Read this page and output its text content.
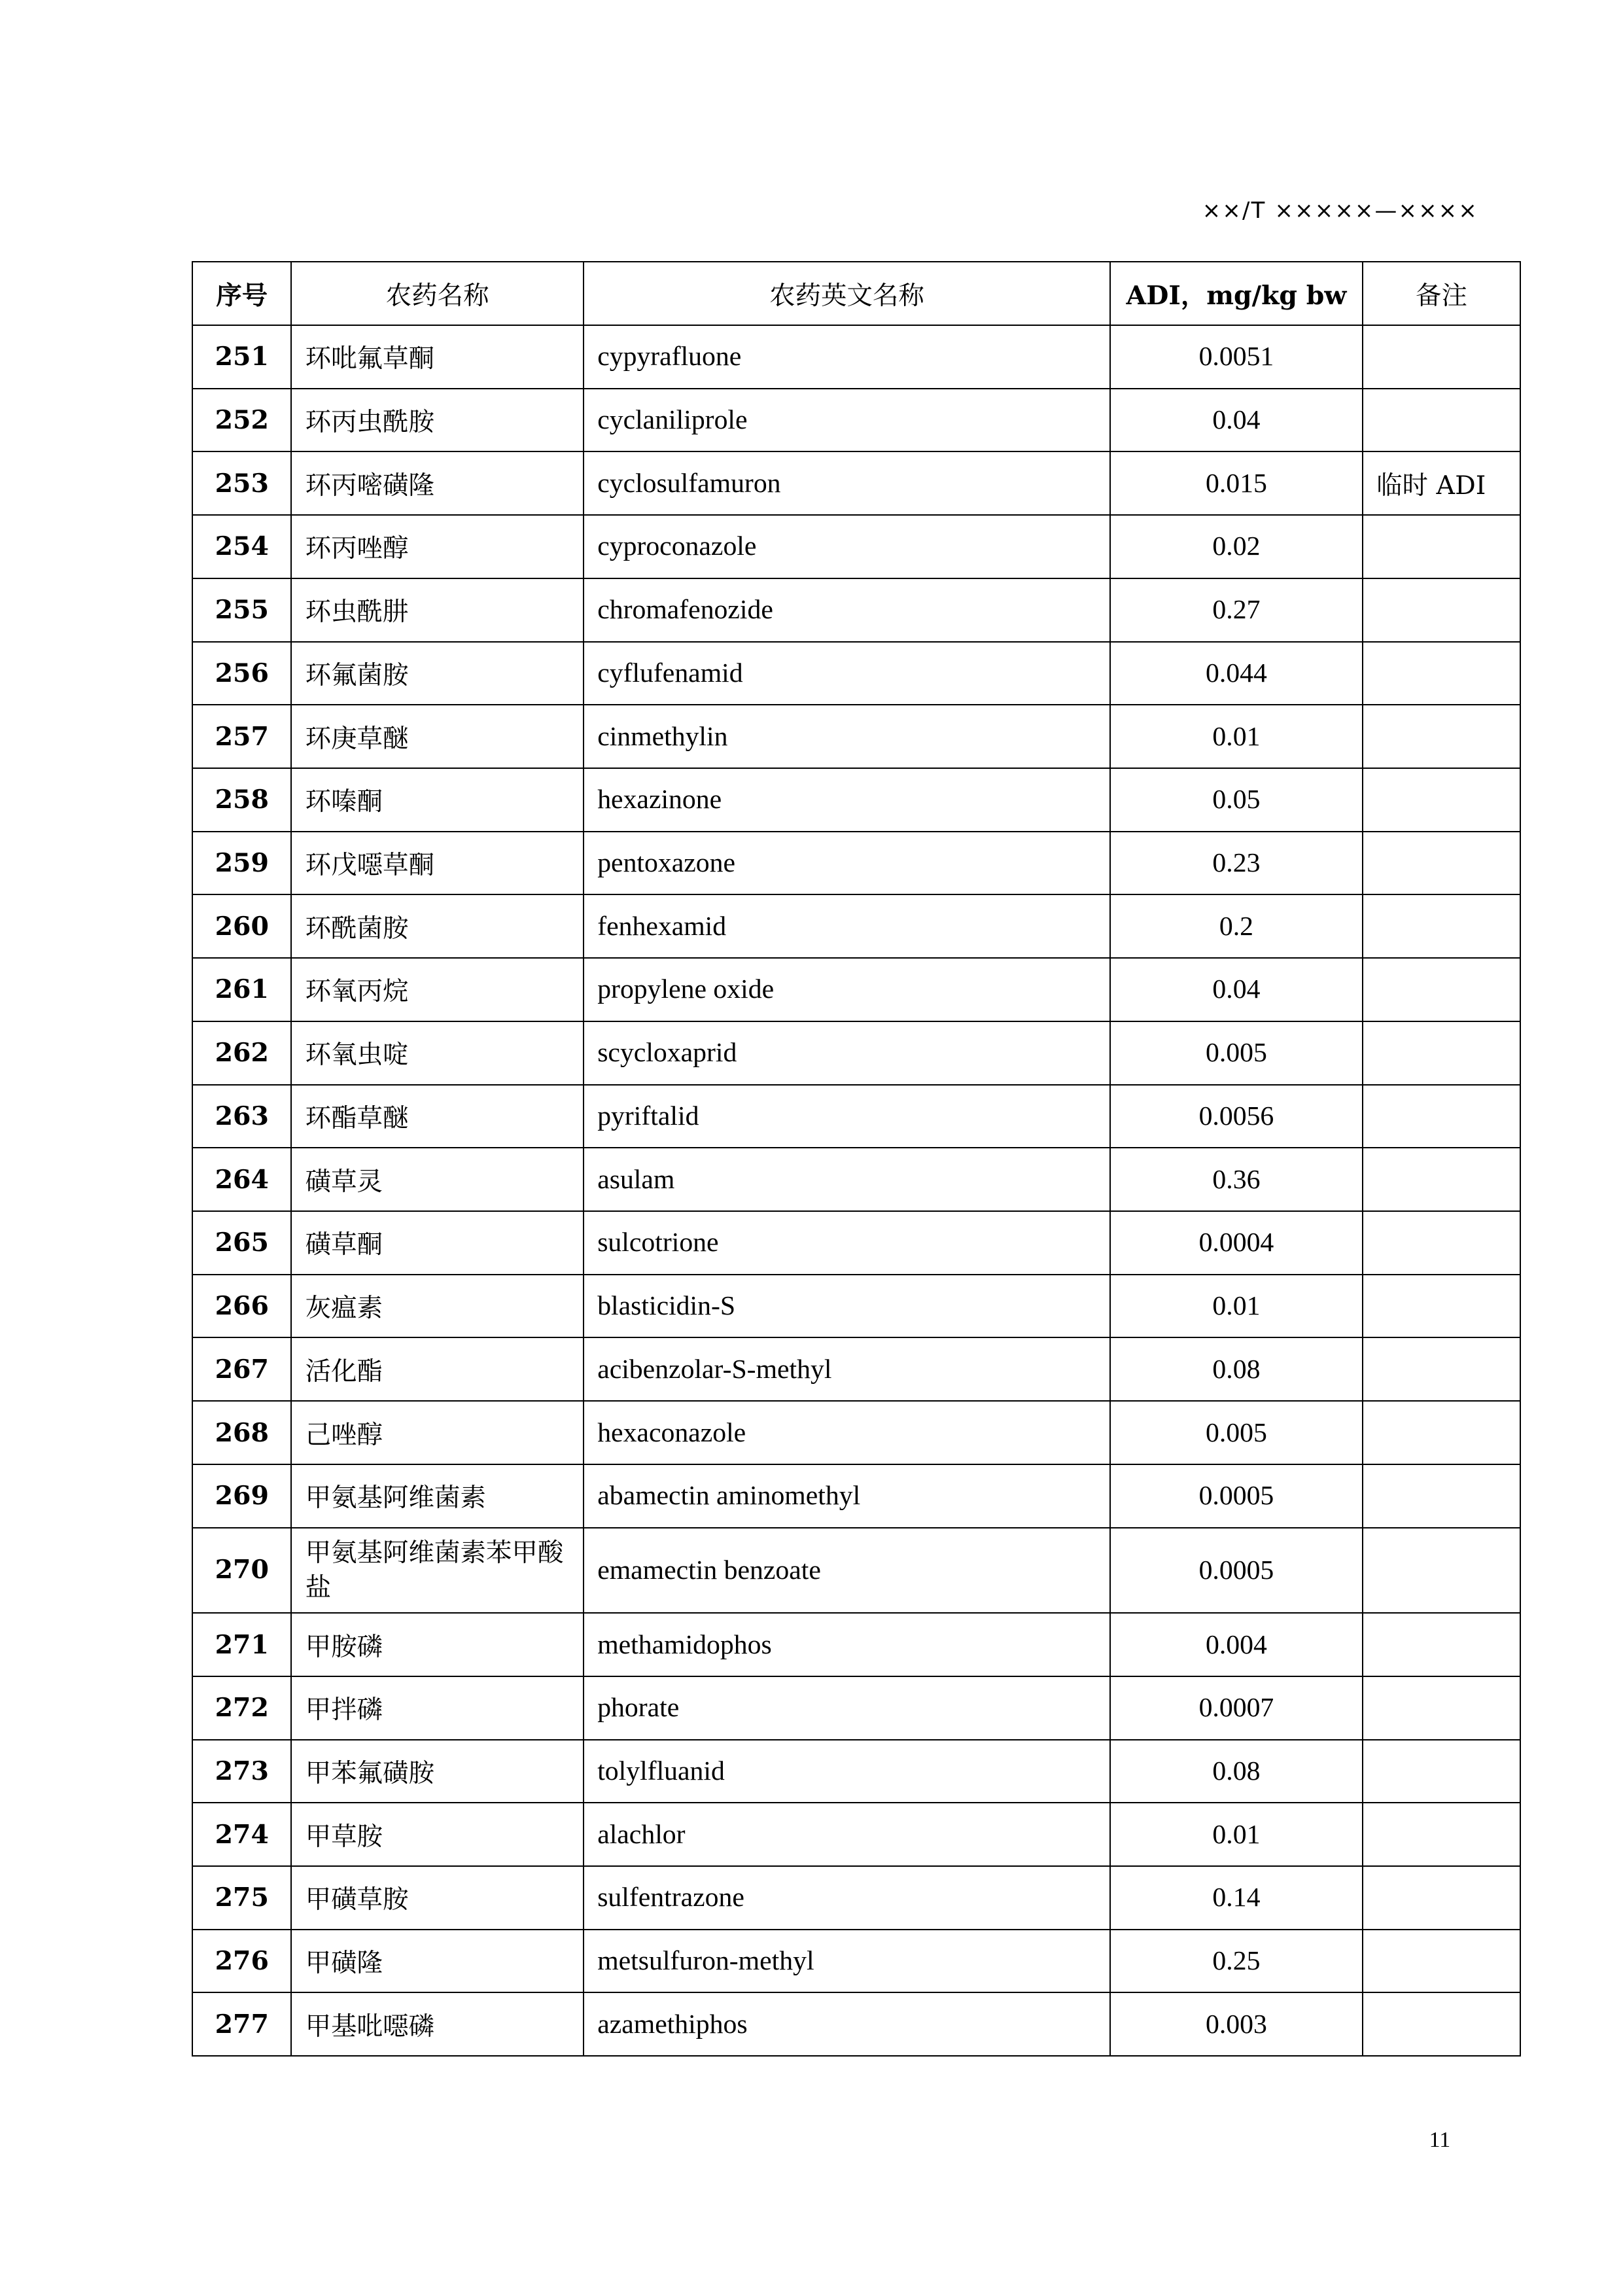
××/T ×××××—××××
序号	农药名称	农药英文名称	ADI，mg/kg bw	备注
251	环吡氟草酮	cypyrafluone	0.0051	
252	环丙虫酰胺	cyclaniliprole	0.04	
253	环丙嘧磺隆	cyclosulfamuron	0.015	临时 ADI
254	环丙唑醇	cyproconazole	0.02	
255	环虫酰肼	chromafenozide	0.27	
256	环氟菌胺	cyflufenamid	0.044	
257	环庚草醚	cinmethylin	0.01	
258	环嗪酮	hexazinone	0.05	
259	环戊噁草酮	pentoxazone	0.23	
260	环酰菌胺	fenhexamid	0.2	
261	环氧丙烷	propylene oxide	0.04	
262	环氧虫啶	scycloxaprid	0.005	
263	环酯草醚	pyriftalid	0.0056	
264	磺草灵	asulam	0.36	
265	磺草酮	sulcotrione	0.0004	
266	灰瘟素	blasticidin-S	0.01	
267	活化酯	acibenzolar-S-methyl	0.08	
268	己唑醇	hexaconazole	0.005	
269	甲氨基阿维菌素	abamectin aminomethyl	0.0005	
270	甲氨基阿维菌素苯甲酸盐	emamectin benzoate	0.0005	
271	甲胺磷	methamidophos	0.004	
272	甲拌磷	phorate	0.0007	
273	甲苯氟磺胺	tolylfluanid	0.08	
274	甲草胺	alachlor	0.01	
275	甲磺草胺	sulfentrazone	0.14	
276	甲磺隆	metsulfuron-methyl	0.25	
277	甲基吡噁磷	azamethiphos	0.003	
11
